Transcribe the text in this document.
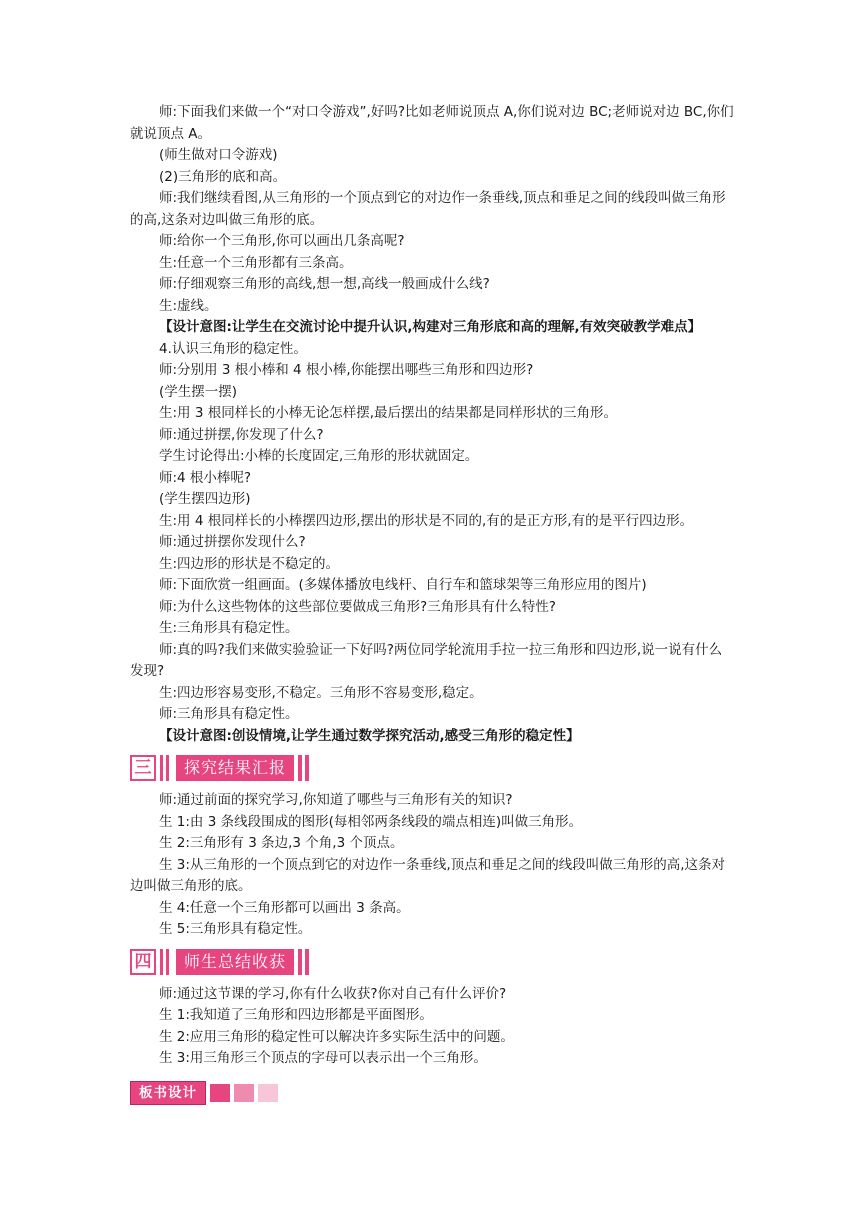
师:下面我们来做一个“对口令游戏”,好吗?比如老师说顶点 A,你们说对边 BC;老师说对边 BC,你们就说顶点 A。

(师生做对口令游戏)

(2)三角形的底和高。

师:我们继续看图,从三角形的一个顶点到它的对边作一条垂线,顶点和垂足之间的线段叫做三角形的高,这条对边叫做三角形的底。

师:给你一个三角形,你可以画出几条高呢?

生:任意一个三角形都有三条高。

师:仔细观察三角形的高线,想一想,高线一般画成什么线?

生:虚线。

【设计意图:让学生在交流讨论中提升认识,构建对三角形底和高的理解,有效突破教学难点】

4.认识三角形的稳定性。

师:分别用 3 根小棒和 4 根小棒,你能摆出哪些三角形和四边形?

(学生摆一摆)

生:用 3 根同样长的小棒无论怎样摆,最后摆出的结果都是同样形状的三角形。

师:通过拼摆,你发现了什么?

学生讨论得出:小棒的长度固定,三角形的形状就固定。

师:4 根小棒呢?

(学生摆四边形)

生:用 4 根同样长的小棒摆四边形,摆出的形状是不同的,有的是正方形,有的是平行四边形。

师:通过拼摆你发现什么?

生:四边形的形状是不稳定的。

师:下面欣赏一组画面。(多媒体播放电线杆、自行车和篮球架等三角形应用的图片)

师:为什么这些物体的这些部位要做成三角形?三角形具有什么特性?

生:三角形具有稳定性。

师:真的吗?我们来做实验验证一下好吗?两位同学轮流用手拉一拉三角形和四边形,说一说有什么发现?

生:四边形容易变形,不稳定。三角形不容易变形,稳定。

师:三角形具有稳定性。

【设计意图:创设情境,让学生通过数学探究活动,感受三角形的稳定性】

三	探究结果汇报

师:通过前面的探究学习,你知道了哪些与三角形有关的知识?

生 1:由 3 条线段围成的图形(每相邻两条线段的端点相连)叫做三角形。

生 2:三角形有 3 条边,3 个角,3 个顶点。

生 3:从三角形的一个顶点到它的对边作一条垂线,顶点和垂足之间的线段叫做三角形的高,这条对边叫做三角形的底。

生 4:任意一个三角形都可以画出 3 条高。

生 5:三角形具有稳定性。

四	师生总结收获

师:通过这节课的学习,你有什么收获?你对自己有什么评价?

生 1:我知道了三角形和四边形都是平面图形。

生 2:应用三角形的稳定性可以解决许多实际生活中的问题。

生 3:用三角形三个顶点的字母可以表示出一个三角形。

板书设计
